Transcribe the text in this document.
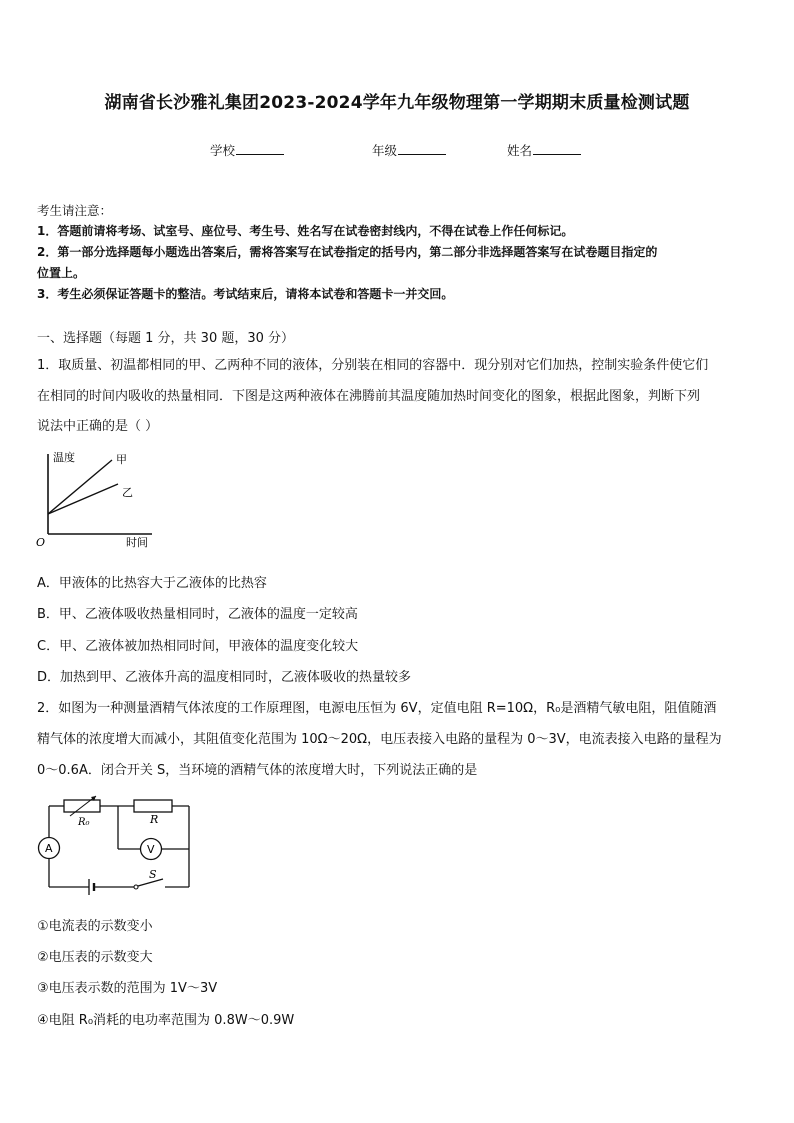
湖南省长沙雅礼集团2023-2024学年九年级物理第一学期期末质量检测试题
学校	年级	姓名
考生请注意：
1．答题前请将考场、试室号、座位号、考生号、姓名写在试卷密封线内，不得在试卷上作任何标记。
2．第一部分选择题每小题选出答案后，需将答案写在试卷指定的括号内，第二部分非选择题答案写在试卷题目指定的
位置上。
3．考生必须保证答题卡的整洁。考试结束后，请将本试卷和答题卡一并交回。
一、选择题（每题 1 分，共 30 题，30 分）
1．取质量、初温都相同的甲、乙两种不同的液体，分别装在相同的容器中．现分别对它们加热，控制实验条件使它们
在相同的时间内吸收的热量相同．下图是这两种液体在沸腾前其温度随加热时间变化的图象，根据此图象，判断下列
说法中正确的是（ ）
温度	甲
乙
O	时间
A．甲液体的比热容大于乙液体的比热容
B．甲、乙液体吸收热量相同时，乙液体的温度一定较高
C．甲、乙液体被加热相同时间，甲液体的温度变化较大
D．加热到甲、乙液体升高的温度相同时，乙液体吸收的热量较多
2．如图为一种测量酒精气体浓度的工作原理图，电源电压恒为 6V，定值电阻 R=10Ω，R₀是酒精气敏电阻，阻值随酒
精气体的浓度增大而减小，其阻值变化范围为 10Ω～20Ω，电压表接入电路的量程为 0～3V，电流表接入电路的量程为
0～0.6A．闭合开关 S，当环境的酒精气体的浓度增大时，下列说法正确的是
A	V
S
R
R₀
①电流表的示数变小
②电压表的示数变大
③电压表示数的范围为 1V～3V
④电阻 R₀消耗的电功率范围为 0.8W～0.9W
